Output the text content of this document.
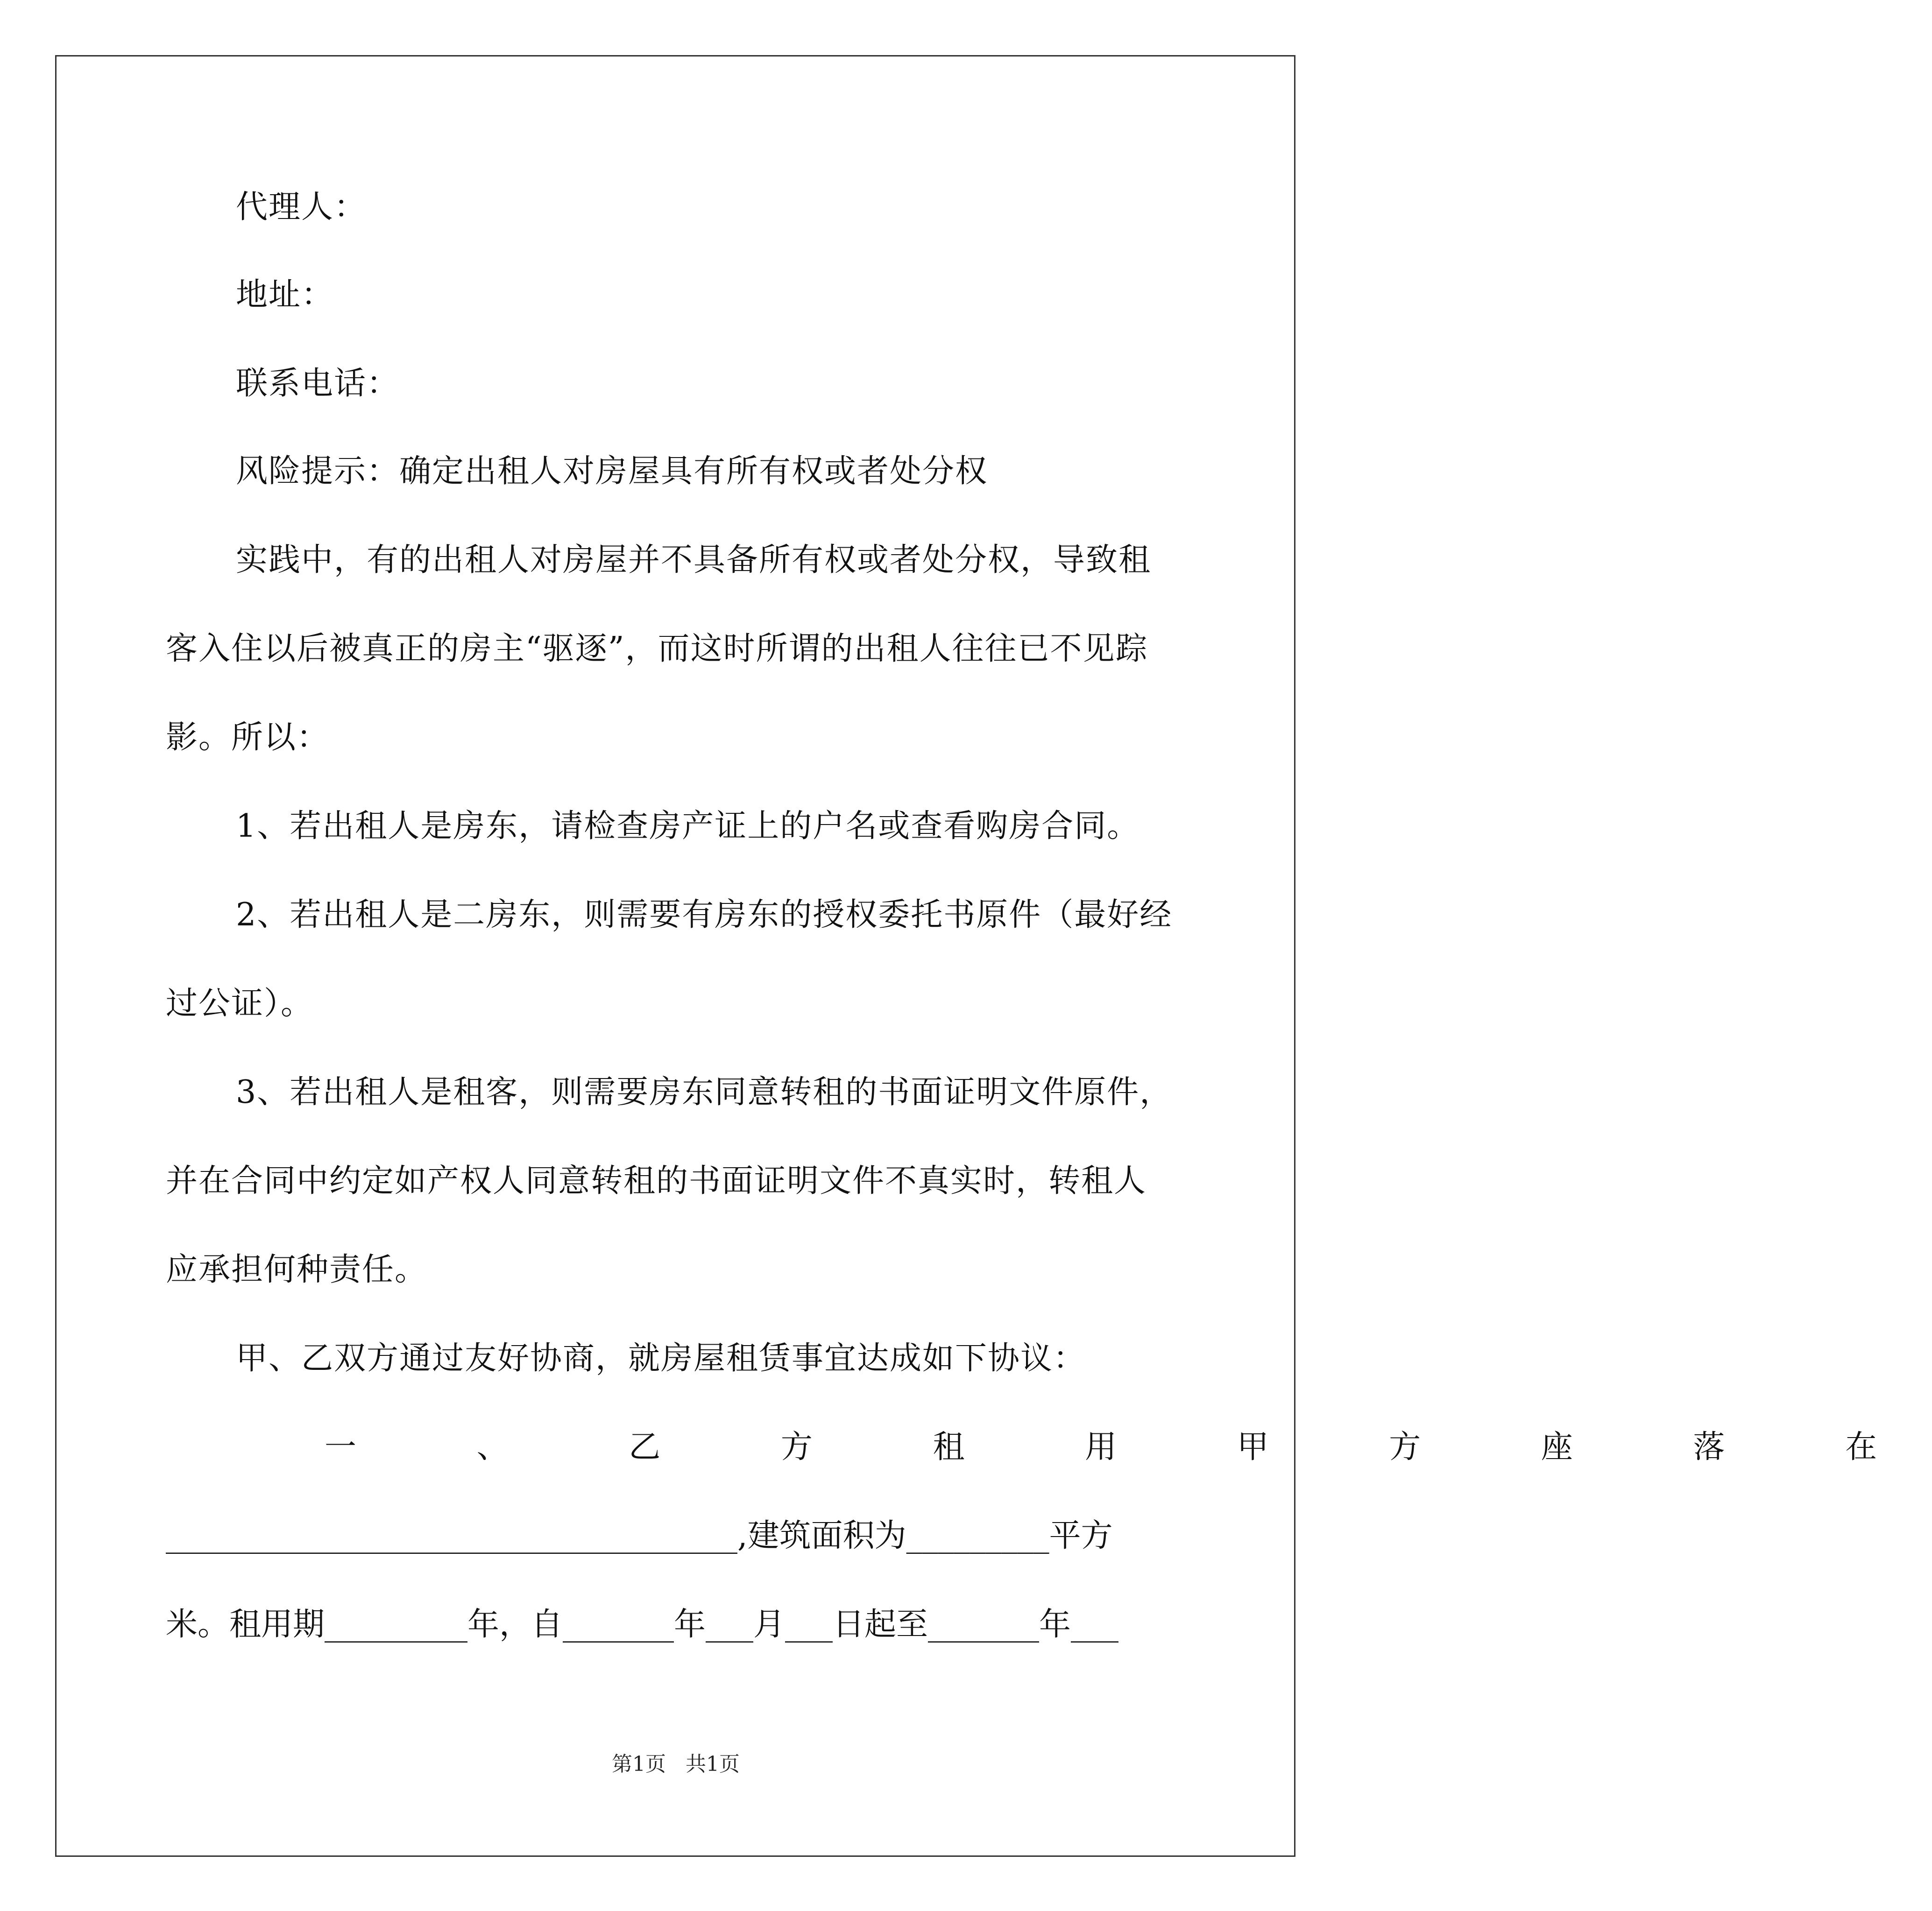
代理人：
地址：
联系电话：
风险提示：确定出租人对房屋具有所有权或者处分权
实践中，有的出租人对房屋并不具备所有权或者处分权，导致租
客入住以后被真正的房主“驱逐”，而这时所谓的出租人往往已不见踪
影。所以：
1、若出租人是房东，请检查房产证上的户名或查看购房合同。
2、若出租人是二房东，则需要有房东的授权委托书原件（最好经
过公证）。
3、若出租人是租客，则需要房东同意转租的书面证明文件原件，
并在合同中约定如产权人同意转租的书面证明文件不真实时，转租人
应承担何种责任。
甲、乙双方通过友好协商，就房屋租赁事宜达成如下协议：
一 、 乙 方 租 用 甲 方 座 落 在
____________________________________,建筑面积为_________平方
米。租用期_________年，自_______年___月___日起至_______年___
第1页 共1页
